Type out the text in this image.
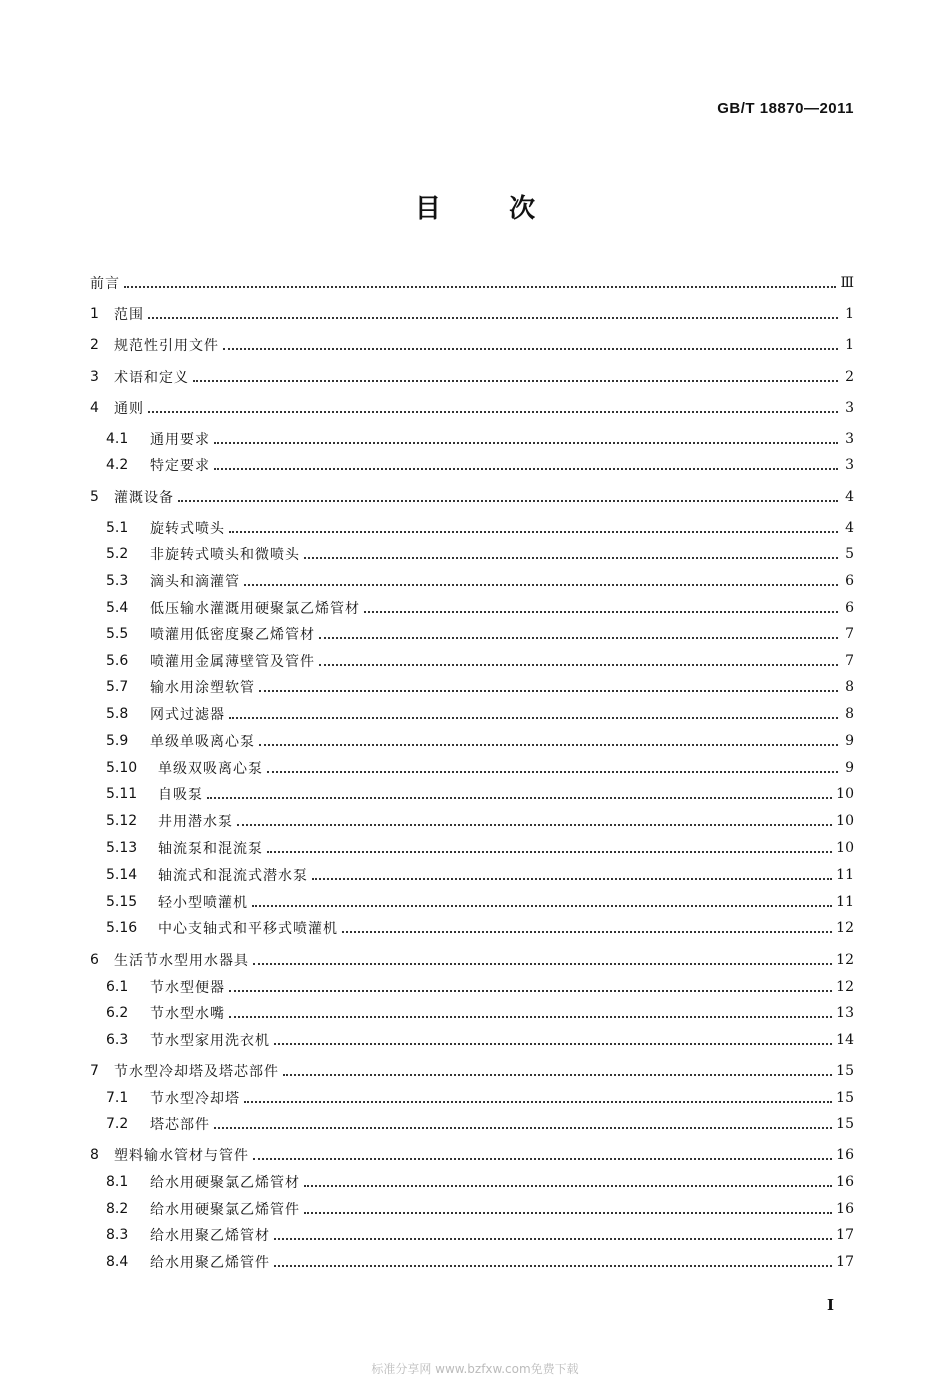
GB/T 18870—2011
目	次
前言	Ⅲ
1	范围	1
2	规范性引用文件	1
3	术语和定义	2
4	通则	3
4.1	通用要求	3
4.2	特定要求	3
5	灌溉设备	4
5.1	旋转式喷头	4
5.2	非旋转式喷头和微喷头	5
5.3	滴头和滴灌管	6
5.4	低压输水灌溉用硬聚氯乙烯管材	6
5.5	喷灌用低密度聚乙烯管材	7
5.6	喷灌用金属薄壁管及管件	7
5.7	输水用涂塑软管	8
5.8	网式过滤器	8
5.9	单级单吸离心泵	9
5.10	单级双吸离心泵	9
5.11	自吸泵	10
5.12	井用潜水泵	10
5.13	轴流泵和混流泵	10
5.14	轴流式和混流式潜水泵	11
5.15	轻小型喷灌机	11
5.16	中心支轴式和平移式喷灌机	12
6	生活节水型用水器具	12
6.1	节水型便器	12
6.2	节水型水嘴	13
6.3	节水型家用洗衣机	14
7	节水型冷却塔及塔芯部件	15
7.1	节水型冷却塔	15
7.2	塔芯部件	15
8	塑料输水管材与管件	16
8.1	给水用硬聚氯乙烯管材	16
8.2	给水用硬聚氯乙烯管件	16
8.3	给水用聚乙烯管材	17
8.4	给水用聚乙烯管件	17
I
标准分享网 www.bzfxw.com免费下载
